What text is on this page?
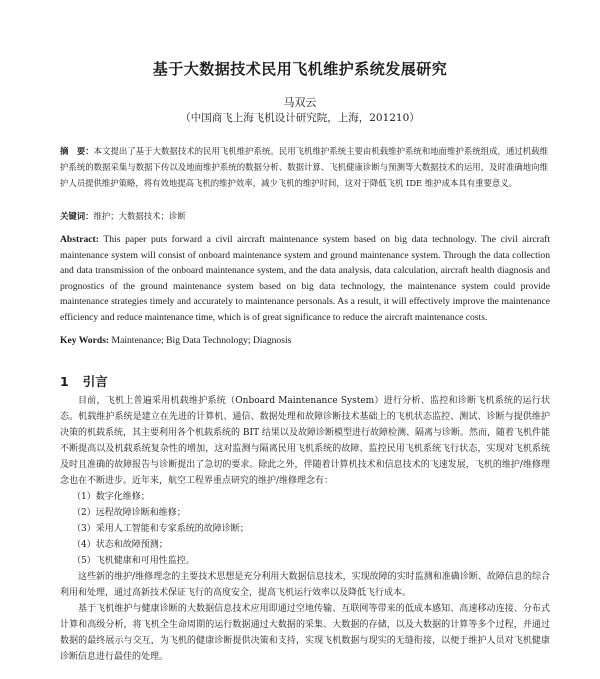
基于大数据技术民用飞机维护系统发展研究
马双云
（中国商飞上海飞机设计研究院，上海，201210）
摘　要：本文提出了基于大数据技术的民用飞机维护系统。民用飞机维护系统主要由机载维护系统和地面维护系统组成，通过机载维护系统的数据采集与数据下传以及地面维护系统的数据分析、数据计算、飞机健康诊断与预测等大数据技术的运用，及时准确地向维护人员提供维护策略，将有效地提高飞机的维护效率，减少飞机的维护时间，这对于降低飞机 IDE 维护成本具有重要意义。
关键词：维护；大数据技术；诊断
Abstract: This paper puts forward a civil aircraft maintenance system based on big data technology. The civil aircraft maintenance system will consist of onboard maintenance system and ground maintenance system. Through the data collection and data transmission of the onboard maintenance system, and the data analysis, data calculation, aircraft health diagnosis and prognostics of the ground maintenance system based on big data technology, the maintenance system could provide maintenance strategies timely and accurately to maintenance personals. As a result, it will effectively improve the maintenance efficiency and reduce maintenance time, which is of great significance to reduce the aircraft maintenance costs.
Key Words: Maintenance; Big Data Technology; Diagnosis
1 引言

目前，飞机上普遍采用机载维护系统（Onboard Maintenance System）进行分析、监控和诊断飞机系统的运行状态。机载维护系统是建立在先进的计算机、通信、数据处理和故障诊断技术基础上的飞机状态监控、测试、诊断与提供维护决策的机载系统，其主要利用各个机载系统的 BIT 结果以及故障诊断模型进行故障检测、隔离与诊断。然而，随着飞机件能不断提高以及机载系统复杂性的增加，这对监测与隔离民用飞机系统的故障、监控民用飞机系统飞行状态，实现对飞机系统及时且准确的故障报告与诊断提出了急切的要求。除此之外，伴随着计算机技术和信息技术的飞速发展，飞机的维护/维修理念也在不断进步。近年来，航空工程界重点研究的维护/维修理念有：

（1）数字化维修；

（2）远程故障诊断和维修；

（3）采用人工智能和专家系统的故障诊断；

（4）状态和故障预测；

（5）飞机健康和可用性监控。

这些新的维护/维修理念的主要技术思想是充分利用大数据信息技术，实现故障的实时监测和准确诊断、故障信息的综合利用和处理，通过高新技术保证飞行的高度安全，提高飞机运行效率以及降低飞行成本。

基于飞机维护与健康诊断的大数据信息技术应用即通过空地传输、互联网等带来的低成本感知、高速移动连接、分布式计算和高级分析，将飞机全生命周期的运行数据通过大数据的采集、大数据的存储，以及大数据的计算等多个过程，并通过数据的最终展示与交互，为飞机的健康诊断提供决策和支持，实现飞机数据与现实的无缝衔接，以便于维护人员对飞机健康诊断信息进行最佳的处理。
